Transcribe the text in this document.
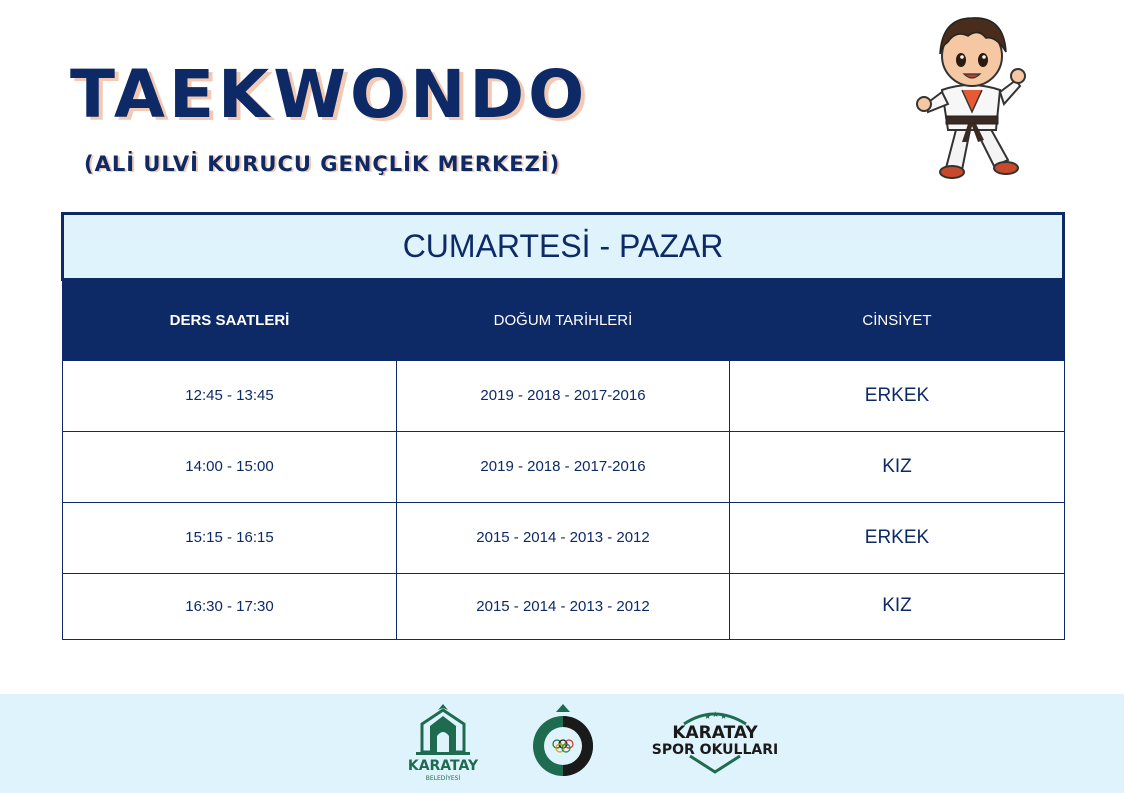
TAEKWONDO
(ALİ ULVİ KURUCU GENÇLİK MERKEZİ)
CUMARTESİ - PAZAR
DERS SAATLERİ	DOĞUM TARİHLERİ	CİNSİYET
12:45 - 13:45	2019 - 2018 - 2017-2016	ERKEK
14:00 - 15:00	2019 - 2018 - 2017-2016	KIZ
15:15 - 16:15	2015 - 2014 - 2013 - 2012	ERKEK
16:30 - 17:30	2015 - 2014 - 2013 - 2012	KIZ
KARATAY
BELEDİYESİ
★ ★ ★
KARATAY
SPOR OKULLARI
